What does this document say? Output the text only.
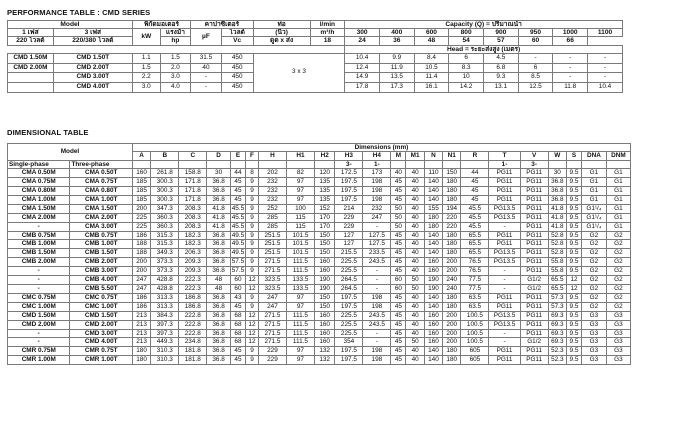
PERFORMANCE TABLE : CMD SERIES
Model		พิกัดมอเตอร์		คาปาซิเตอร์		ท่อ	l/min	Capacity (Q) = ปริมาณน้ำ							
1 เฟส	3 เฟส	kW	แรงม้า	µF	โวลต์	(นิ้ว)	m³/h	300	400	600	800	900	950	1000	1100
220 โวลต์	220/380 โวลต์		hp		Vc	ดูด x ส่ง	18	24	36	48	54	57	60	66	
								Head = ระยะส่งสูง (เมตร)							
CMD 1.50M	CMD 1.50T	1.1	1.5	31.5	450	3 x 3		10.4	9.9	8.4	6	4.5	-	-	-
CMD 2.00M	CMD 2.00T	1.5	2.0	40	450			12.4	11.9	10.5	8.3	6.8	6	-	-
	CMD 3.00T	2.2	3.0	-	450			14.9	13.5	11.4	10	9.3	8.5	-	-
	CMD 4.00T	3.0	4.0	-	450			17.8	17.3	16.1	14.2	13.1	12.5	11.8	10.4
DIMENSIONAL TABLE
Model		Dimensions (mm)																					
		A	B	C	D	E	F	H	H1	H2	H3	H4	M	M1	N	N1	R	T	V	W	S	DNA	DNM
Single-phase	Three-phase										3-	1-						1-	3-				
CMA 0.50M	CMA 0.50T	160	261.8	158.8	30	44	8	202	82	120	172.5	173	40	40	110	150	44	PG11	PG11	30	9.5	G1	G1
CMA 0.75M	CMA 0.75T	185	300.3	171.8	36.8	45	9	232	97	135	197.5	198	45	40	140	180	45	PG11	PG11	36.8	9.5	G1	G1
CMA 0.80M	CMA 0.80T	185	300.3	171.8	36.8	45	9	232	97	135	197.5	198	45	40	140	180	45	PG11	PG11	36.8	9.5	G1	G1
CMA 1.00M	CMA 1.00T	185	300.3	171.8	36.8	45	9	232	97	135	197.5	198	45	40	140	180	45	PG11	PG11	36.8	9.5	G1	G1
CMA 1.50M	CMA 1.50T	200	347.3	208.3	41.8	45.5	9	252	100	152	214	232	50	40	155	194	45.5	PG13.5	PG11	41.8	9.5	G1¹/₄	G1
CMA 2.00M	CMA 2.00T	225	360.3	208.3	41.8	45.5	9	285	115	170	229	247	50	40	180	220	45.5	PG13.5	PG11	41.8	9.5	G1¹/₄	G1
-	CMA 3.00T	225	360.3	208.3	41.8	45.5	9	285	115	170	229	-	50	40	180	220	45.5	-	PG11	41.8	9.5	G1¹/₄	G1
CMB 0.75M	CMB 0.75T	186	315.3	182.3	36.8	49.5	9	251.5	101.5	150	127	127.5	45	40	140	180	65.5	PG11	PG11	52.8	9.5	G2	G2
CMB 1.00M	CMB 1.00T	188	315.3	182.3	36.8	49.5	9	251.5	101.5	150	127	127.5	45	40	140	180	65.5	PG11	PG11	52.8	9.5	G2	G2
CMB 1.50M	CMB 1.50T	188	349.3	206.3	36.8	49.5	9	251.5	101.5	150	215.5	233.5	45	40	140	180	65.5	PG13.5	PG11	52.8	9.5	G2	G2
CMB 2.00M	CMB 2.00T	200	373.3	209.3	36.8	57.5	9	271.5	111.5	160	225.5	243.5	45	40	160	200	76.5	PG13.5	PG11	55.8	9.5	G2	G2
-	CMB 3.00T	200	373.3	209.3	36.8	57.5	9	271.5	111.5	160	225.5	-	45	40	160	200	76.5	-	PG11	55.8	9.5	G2	G2
-	CMB 4.00T	247	428.8	222.3	48	60	12	323.5	133.5	190	264.5	-	60	50	190	240	77.5	-	G1/2	65.5	12	G2	G2
-	CMB 5.50T	247	428.8	222.3	48	60	12	323.5	133.5	190	264.5	-	60	50	190	240	77.5	-	G1/2	65.5	12	G2	G2
CMC 0.75M	CMC 0.75T	186	313.3	186.8	36.8	43	9	247	97	150	197.5	198	45	40	140	180	63.5	PG11	PG11	57.3	9.5	G2	G2
CMC 1.00M	CMC 1.00T	186	313.3	186.8	36.8	45	9	247	97	150	197.5	198	45	40	140	180	63.5	PG11	PG11	57.3	9.5	G2	G2
CMD 1.50M	CMD 1.50T	213	384.3	222.8	36.8	68	12	271.5	111.5	160	225.5	243.5	45	40	160	200	100.5	PG13.5	PG11	69.3	9.5	G3	G3
CMD 2.00M	CMD 2.00T	213	397.3	222.8	36.8	68	12	271.5	111.5	160	225.5	243.5	45	40	160	200	100.5	PG13.5	PG11	69.3	9.5	G3	G3
-	CMD 3.00T	213	397.3	222.8	36.8	68	12	271.5	111.5	160	225.5	-	45	40	160	200	100.5	-	PG11	69.3	9.5	G3	G3
-	CMD 4.00T	213	449.3	234.8	36.8	68	12	271.5	111.5	160	354	-	45	50	160	200	100.5	-	G1/2	69.3	9.5	G3	G3
CMR 0.75M	CMR 0.75T	180	310.3	181.8	36.8	45	9	229	97	132	197.5	198	45	40	140	180	605	PG11	PG11	52.3	9.5	G3	G3
CMR 1.00M	CMR 1.00T	180	310.3	181.8	36.8	45	9	229	97	132	197.5	198	45	40	140	180	605	PG11	PG11	52.3	9.5	G3	G3
